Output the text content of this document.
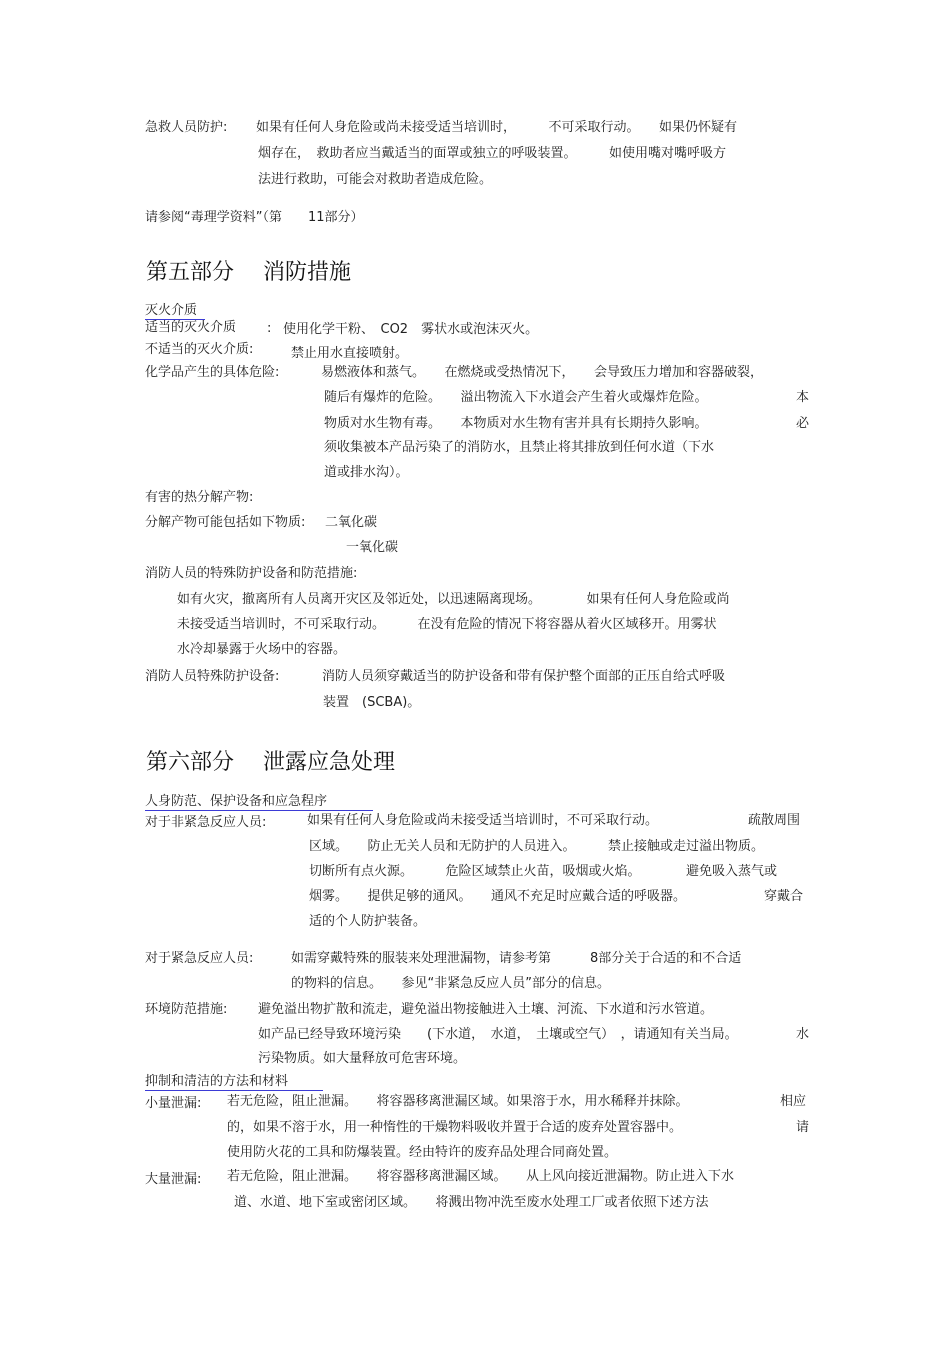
急救人员防护: 如果有任何人身危险或尚未接受适当培训时，　　　不可采取行动。　　如果仍怀疑有
烟存在，　救助者应当戴适当的面罩或独立的呼吸装置。　　　如使用嘴对嘴呼吸方
法进行救助，可能会对救助者造成危险。
请参阅“毒理学资料”（第　　11部分）
第五部分　 消防措施
灭火介质
适当的灭火介质 : 使用化学干粉、　CO2　雾状水或泡沫灭火。
不适当的灭火介质:	禁止用水直接喷射。
化学品产生的具体危险:	易燃液体和蒸气。　　在燃烧或受热情况下，　　会导致压力增加和容器破裂，
随后有爆炸的危险。　　溢出物流入下水道会产生着火或爆炸危险。	本
物质对水生物有毒。　　本物质对水生物有害并具有长期持久影响。	必
须收集被本产品污染了的消防水，且禁止将其排放到任何水道（下水
道或排水沟）。
有害的热分解产物:
分解产物可能包括如下物质: 二氧化碳
一氧化碳
消防人员的特殊防护设备和防范措施:
如有火灾，撤离所有人员离开灾区及邻近处，以迅速隔离现场。　　　　如果有任何人身危险或尚
未接受适当培训时，不可采取行动。　　　在没有危险的情况下将容器从着火区域移开。用雾状
水冷却暴露于火场中的容器。
消防人员特殊防护设备:	消防人员须穿戴适当的防护设备和带有保护整个面部的正压自给式呼吸
装置　(SCBA)。
第六部分　 泄露应急处理
人身防范、保护设备和应急程序
对于非紧急反应人员:	如果有任何人身危险或尚未接受适当培训时，不可采取行动。	疏散周围
区域。　　防止无关人员和无防护的人员进入。　　　禁止接触或走过溢出物质。
切断所有点火源。　　　危险区域禁止火苗，吸烟或火焰。　　　　避免吸入蒸气或
烟雾。　　提供足够的通风。　　通风不充足时应戴合适的呼吸器。	穿戴合
适的个人防护装备。
对于紧急反应人员:	如需穿戴特殊的服装来处理泄漏物，请参考第　　　8部分关于合适的和不合适
的物料的信息。　　参见“非紧急反应人员”部分的信息。
环境防范措施: 避免溢出物扩散和流走，避免溢出物接触进入土壤、河流、下水道和污水管道。
如产品已经导致环境污染　　(下水道，　水道，　土壤或空气）　，请通知有关当局。	水
污染物质。如大量释放可危害环境。
抑制和清洁的方法和材料
小量泄漏: 若无危险，阻止泄漏。　　将容器移离泄漏区域。如果溶于水，用水稀释并抹除。	相应
的，如果不溶于水，用一种惰性的干燥物料吸收并置于合适的废弃处置容器中。	请
使用防火花的工具和防爆装置。经由特许的废弃品处理合同商处置。
大量泄漏: 若无危险，阻止泄漏。　　将容器移离泄漏区域。　　从上风向接近泄漏物。防止进入下水
道、水道、地下室或密闭区域。　　将溅出物冲洗至废水处理工厂或者依照下述方法
